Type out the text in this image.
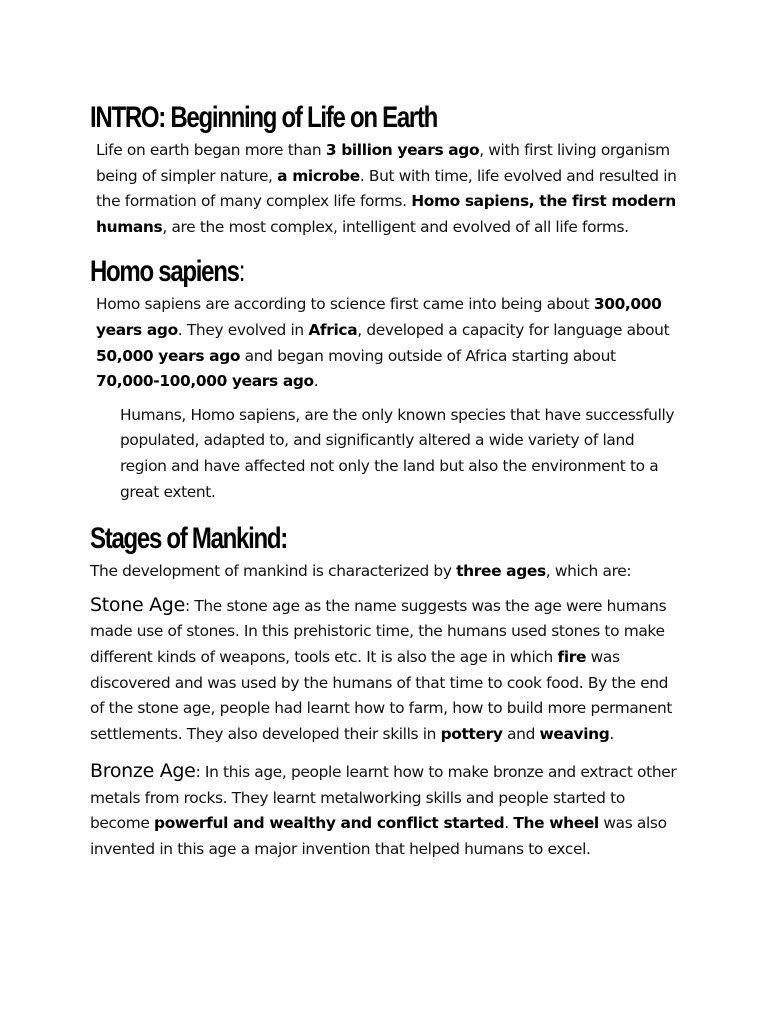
INTRO: Beginning of Life on Earth

Life on earth began more than 3 billion years ago, with first living organism being of simpler nature, a microbe. But with time, life evolved and resulted in the formation of many complex life forms. Homo sapiens, the first modern humans, are the most complex, intelligent and evolved of all life forms.

Homo sapiens:

Homo sapiens are according to science first came into being about 300,000 years ago. They evolved in Africa, developed a capacity for language about 50,000 years ago and began moving outside of Africa starting about 70,000-100,000 years ago.

Humans, Homo sapiens, are the only known species that have successfully populated, adapted to, and significantly altered a wide variety of land region and have affected not only the land but also the environment to a great extent.

Stages of Mankind:

The development of mankind is characterized by three ages, which are:

Stone Age: The stone age as the name suggests was the age were humans made use of stones. In this prehistoric time, the humans used stones to make different kinds of weapons, tools etc. It is also the age in which fire was discovered and was used by the humans of that time to cook food. By the end of the stone age, people had learnt how to farm, how to build more permanent settlements. They also developed their skills in pottery and weaving.

Bronze Age: In this age, people learnt how to make bronze and extract other metals from rocks. They learnt metalworking skills and people started to become powerful and wealthy and conflict started. The wheel was also invented in this age a major invention that helped humans to excel.
